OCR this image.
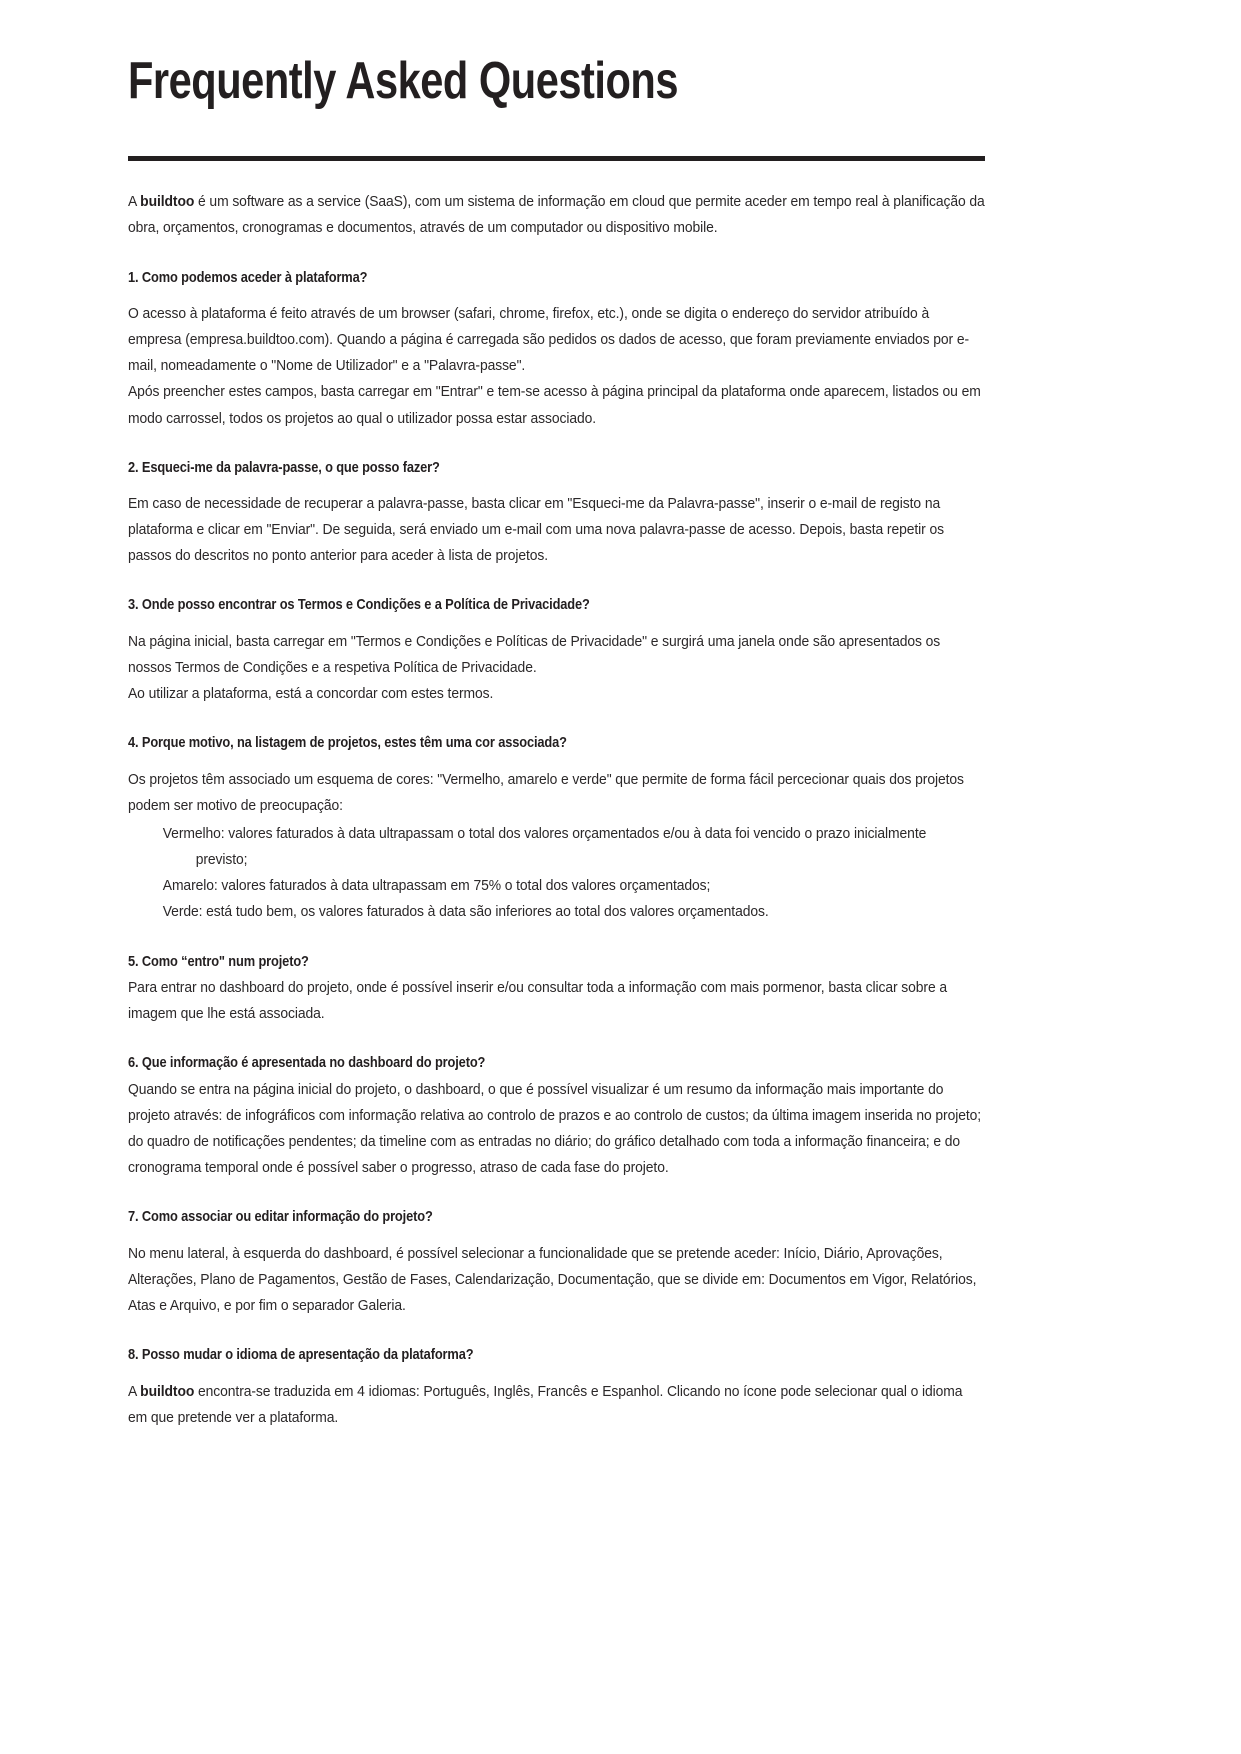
Frequently Asked Questions

A buildtoo é um software as a service (SaaS), com um sistema de informação em cloud que permite aceder em tempo real à planificação da obra, orçamentos, cronogramas e documentos, através de um computador ou dispositivo mobile.

1. Como podemos aceder à plataforma?

O acesso à plataforma é feito através de um browser (safari, chrome, firefox, etc.), onde se digita o endereço do servidor atribuído à empresa (empresa.buildtoo.com). Quando a página é carregada são pedidos os dados de acesso, que foram previamente enviados por e-mail, nomeadamente o "Nome de Utilizador" e a "Palavra-passe".

Após preencher estes campos, basta carregar em "Entrar" e tem-se acesso à página principal da plataforma onde aparecem, listados ou em modo carrossel, todos os projetos ao qual o utilizador possa estar associado.

2. Esqueci-me da palavra-passe, o que posso fazer?

Em caso de necessidade de recuperar a palavra-passe, basta clicar em "Esqueci-me da Palavra-passe", inserir o e-mail de registo na plataforma e clicar em "Enviar". De seguida, será enviado um e-mail com uma nova palavra-passe de acesso. Depois, basta repetir os passos do descritos no ponto anterior para aceder à lista de projetos.

3. Onde posso encontrar os Termos e Condições e a Política de Privacidade?

Na página inicial, basta carregar em "Termos e Condições e Políticas de Privacidade" e surgirá uma janela onde são apresentados os nossos Termos de Condições e a respetiva Política de Privacidade.

Ao utilizar a plataforma, está a concordar com estes termos.

4. Porque motivo, na listagem de projetos, estes têm uma cor associada?

Os projetos têm associado um esquema de cores: "Vermelho, amarelo e verde" que permite de forma fácil percecionar quais dos projetos podem ser motivo de preocupação:

Vermelho: valores faturados à data ultrapassam o total dos valores orçamentados e/ou à data foi vencido o prazo inicialmente
previsto;
Amarelo: valores faturados à data ultrapassam em 75% o total dos valores orçamentados;
Verde: está tudo bem, os valores faturados à data são inferiores ao total dos valores orçamentados.
5. Como “entro" num projeto?

Para entrar no dashboard do projeto, onde é possível inserir e/ou consultar toda a informação com mais pormenor, basta clicar sobre a imagem que lhe está associada.

6. Que informação é apresentada no dashboard do projeto?

Quando se entra na página inicial do projeto, o dashboard, o que é possível visualizar é um resumo da informação mais importante do projeto através: de infográficos com informação relativa ao controlo de prazos e ao controlo de custos; da última imagem inserida no projeto; do quadro de notificações pendentes; da timeline com as entradas no diário; do gráfico detalhado com toda a informação financeira; e do cronograma temporal onde é possível saber o progresso, atraso de cada fase do projeto.

7. Como associar ou editar informação do projeto?

No menu lateral, à esquerda do dashboard, é possível selecionar a funcionalidade que se pretende aceder: Início, Diário, Aprovações, Alterações, Plano de Pagamentos, Gestão de Fases, Calendarização, Documentação, que se divide em: Documentos em Vigor, Relatórios, Atas e Arquivo, e por fim o separador Galeria.

8. Posso mudar o idioma de apresentação da plataforma?

A buildtoo encontra-se traduzida em 4 idiomas: Português, Inglês, Francês e Espanhol. Clicando no ícone pode selecionar qual o idioma em que pretende ver a plataforma.
